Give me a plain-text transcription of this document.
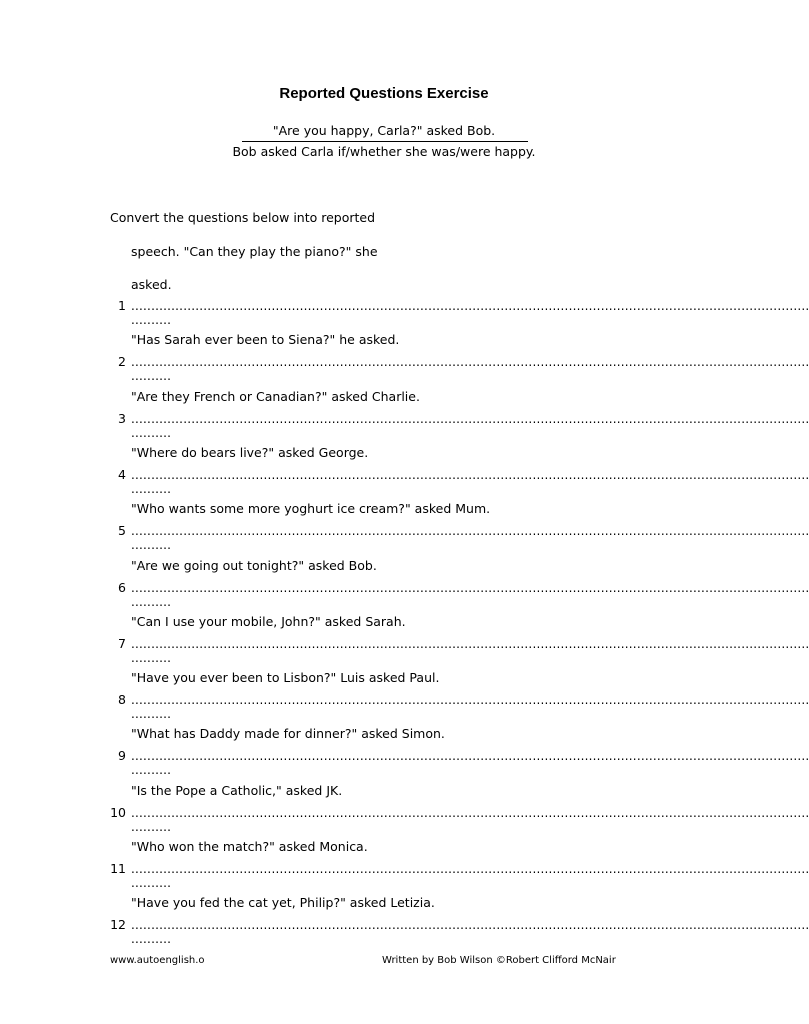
Reported Questions Exercise
"Are you happy, Carla?" asked Bob.
Bob asked Carla if/whether she was/were happy.
Convert the questions below into reported
speech. "Can they play the piano?" she
asked.
1 .........................................................................................................................................................................
..........
"Has Sarah ever been to Siena?" he asked.
2 .........................................................................................................................................................................
..........
"Are they French or Canadian?" asked Charlie.
3 .........................................................................................................................................................................
..........
"Where do bears live?" asked George.
4 .........................................................................................................................................................................
..........
"Who wants some more yoghurt ice cream?" asked Mum.
5 .........................................................................................................................................................................
..........
"Are we going out tonight?" asked Bob.
6 .........................................................................................................................................................................
..........
"Can I use your mobile, John?" asked Sarah.
7 .........................................................................................................................................................................
..........
"Have you ever been to Lisbon?" Luis asked Paul.
8 .........................................................................................................................................................................
..........
"What has Daddy made for dinner?" asked Simon.
9 .........................................................................................................................................................................
..........
"Is the Pope a Catholic," asked JK.
10 .........................................................................................................................................................................
..........
"Who won the match?" asked Monica.
11 .........................................................................................................................................................................
..........
"Have you fed the cat yet, Philip?" asked Letizia.
12 .........................................................................................................................................................................
..........
www.autoenglish.o	Written by Bob Wilson ©Robert Clifford McNair
